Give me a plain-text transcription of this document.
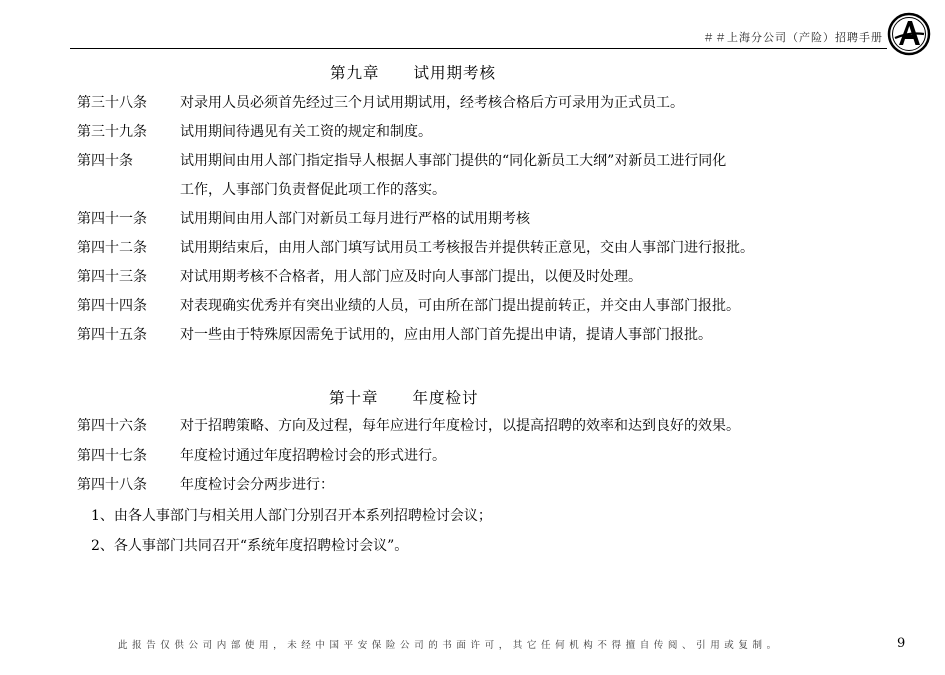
＃＃上海分公司（产险）招聘手册
第九章 试用期考核
第三十八条 对录用人员必须首先经过三个月试用期试用，经考核合格后方可录用为正式员工。
第三十九条 试用期间待遇见有关工资的规定和制度。
第四十条	试用期间由用人部门指定指导人根据人事部门提供的“同化新员工大纲”对新员工进行同化
工作，人事部门负责督促此项工作的落实。
第四十一条 试用期间由用人部门对新员工每月进行严格的试用期考核
第四十二条 试用期结束后，由用人部门填写试用员工考核报告并提供转正意见，交由人事部门进行报批。
第四十三条 对试用期考核不合格者，用人部门应及时向人事部门提出，以便及时处理。
第四十四条 对表现确实优秀并有突出业绩的人员，可由所在部门提出提前转正，并交由人事部门报批。
第四十五条 对一些由于特殊原因需免于试用的，应由用人部门首先提出申请，提请人事部门报批。
第十章 年度检讨
第四十六条 对于招聘策略、方向及过程，每年应进行年度检讨，以提高招聘的效率和达到良好的效果。
第四十七条 年度检讨通过年度招聘检讨会的形式进行。
第四十八条 年度检讨会分两步进行：
1、由各人事部门与相关用人部门分别召开本系列招聘检讨会议；
2、各人事部门共同召开“系统年度招聘检讨会议”。
此报告仅供公司内部使用，未经中国平安保险公司的书面许可，其它任何机构不得擅自传阅、引用或复制。	9
